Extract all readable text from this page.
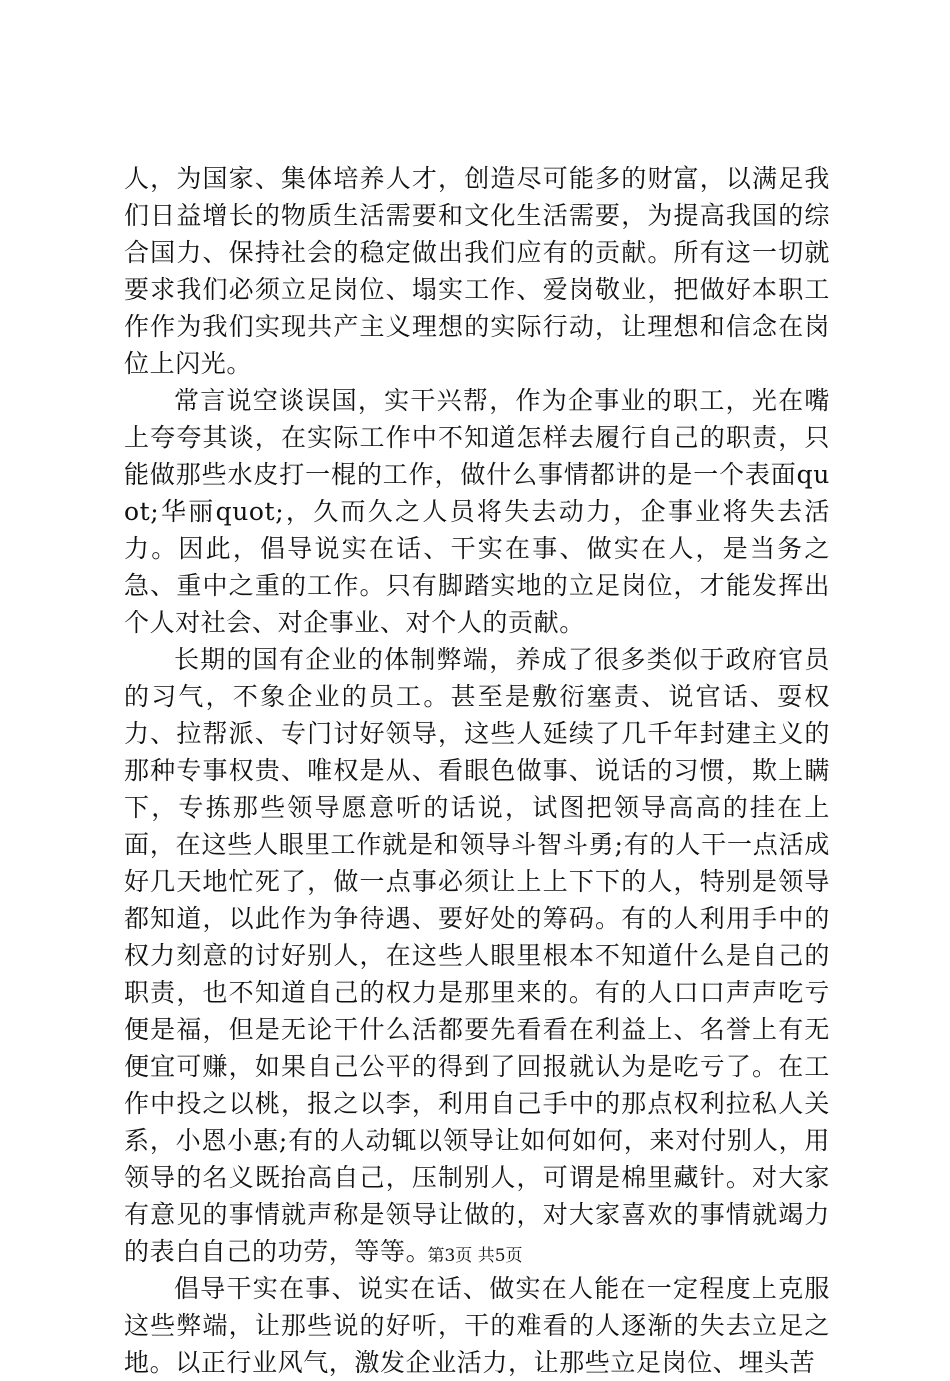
人，为国家、集体培养人才，创造尽可能多的财富，以满足我们日益增长的物质生活需要和文化生活需要，为提高我国的综合国力、保持社会的稳定做出我们应有的贡献。所有这一切就要求我们必须立足岗位、塌实工作、爱岗敬业，把做好本职工作作为我们实现共产主义理想的实际行动，让理想和信念在岗位上闪光。

常言说空谈误国，实干兴帮，作为企事业的职工，光在嘴上夸夸其谈，在实际工作中不知道怎样去履行自己的职责，只能做那些水皮打一棍的工作，做什么事情都讲的是一个表面quot;华丽quot;，久而久之人员将失去动力，企事业将失去活力。因此，倡导说实在话、干实在事、做实在人，是当务之急、重中之重的工作。只有脚踏实地的立足岗位，才能发挥出个人对社会、对企事业、对个人的贡献。

长期的国有企业的体制弊端，养成了很多类似于政府官员的习气，不象企业的员工。甚至是敷衍塞责、说官话、耍权力、拉帮派、专门讨好领导，这些人延续了几千年封建主义的那种专事权贵、唯权是从、看眼色做事、说话的习惯，欺上瞒下，专拣那些领导愿意听的话说，试图把领导高高的挂在上面，在这些人眼里工作就是和领导斗智斗勇;有的人干一点活成好几天地忙死了，做一点事必须让上上下下的人，特别是领导都知道，以此作为争待遇、要好处的筹码。有的人利用手中的权力刻意的讨好别人，在这些人眼里根本不知道什么是自己的职责，也不知道自己的权力是那里来的。有的人口口声声吃亏便是福，但是无论干什么活都要先看看在利益上、名誉上有无便宜可赚，如果自己公平的得到了回报就认为是吃亏了。在工作中投之以桃，报之以李，利用自己手中的那点权利拉私人关系，小恩小惠;有的人动辄以领导让如何如何，来对付别人，用领导的名义既抬高自己，压制别人，可谓是棉里藏针。对大家有意见的事情就声称是领导让做的，对大家喜欢的事情就竭力的表白自己的功劳，等等。

倡导干实在事、说实在话、做实在人能在一定程度上克服这些弊端，让那些说的好听，干的难看的人逐渐的失去立足之地。以正行业风气，激发企业活力，让那些立足岗位、埋头苦

第3页 共5页
